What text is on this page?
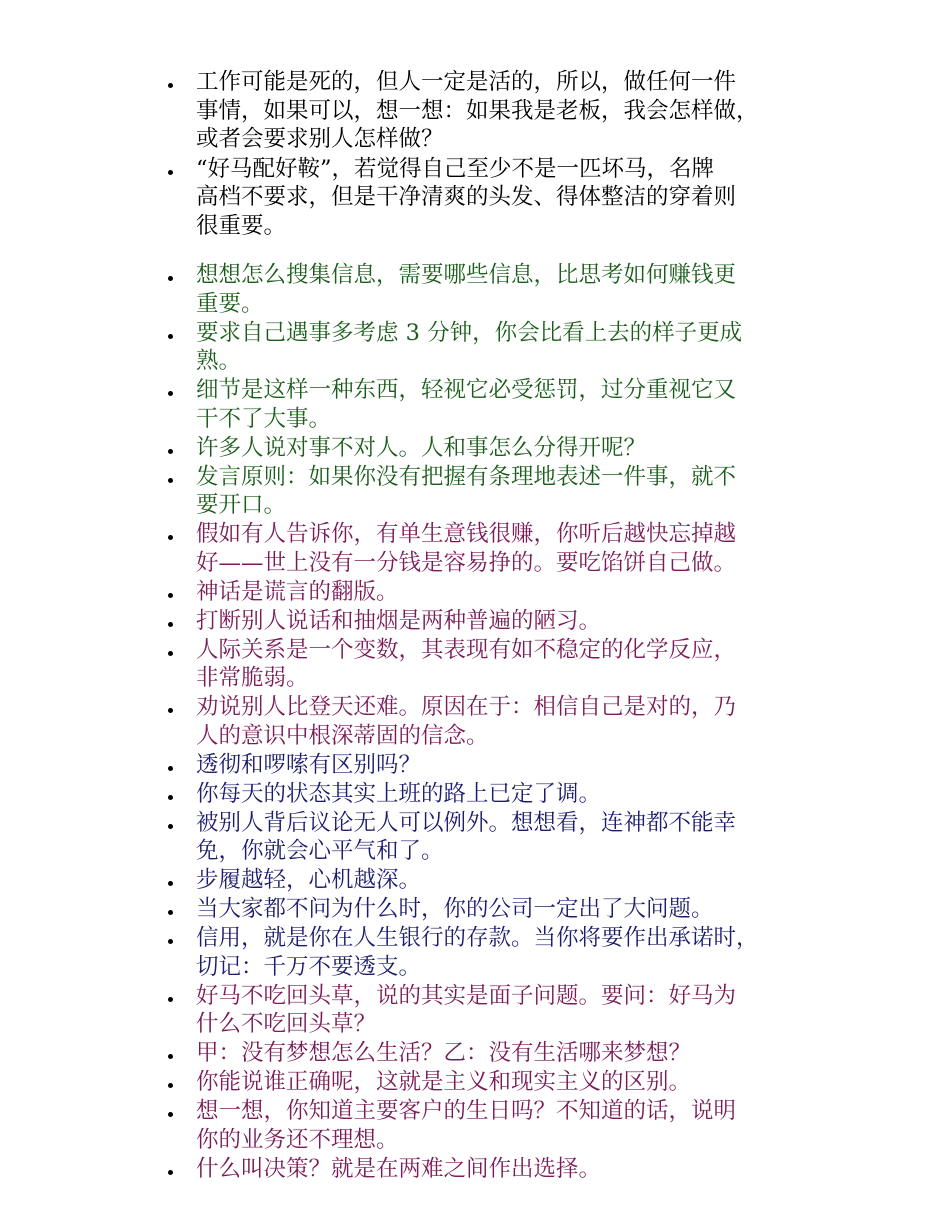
工作可能是死的，但人一定是活的，所以，做任何一件
事情，如果可以，想一想：如果我是老板，我会怎样做，
或者会要求别人怎样做？
“好马配好鞍”，若觉得自己至少不是一匹坏马，名牌
高档不要求，但是干净清爽的头发、得体整洁的穿着则
很重要。
想想怎么搜集信息，需要哪些信息，比思考如何赚钱更
重要。
要求自己遇事多考虑 3 分钟，你会比看上去的样子更成
熟。
细节是这样一种东西，轻视它必受惩罚，过分重视它又
干不了大事。
许多人说对事不对人。人和事怎么分得开呢？
发言原则：如果你没有把握有条理地表述一件事，就不
要开口。
假如有人告诉你，有单生意钱很赚，你听后越快忘掉越
好——世上没有一分钱是容易挣的。要吃馅饼自己做。
神话是谎言的翻版。
打断别人说话和抽烟是两种普遍的陋习。
人际关系是一个变数，其表现有如不稳定的化学反应，
非常脆弱。
劝说别人比登天还难。原因在于：相信自己是对的，乃
人的意识中根深蒂固的信念。
透彻和啰嗦有区别吗？
你每天的状态其实上班的路上已定了调。
被别人背后议论无人可以例外。想想看，连神都不能幸
免，你就会心平气和了。
步履越轻，心机越深。
当大家都不问为什么时，你的公司一定出了大问题。
信用，就是你在人生银行的存款。当你将要作出承诺时，
切记：千万不要透支。
好马不吃回头草，说的其实是面子问题。要问：好马为
什么不吃回头草？
甲：没有梦想怎么生活？乙：没有生活哪来梦想？
你能说谁正确呢，这就是主义和现实主义的区别。
想一想，你知道主要客户的生日吗？不知道的话，说明
你的业务还不理想。
什么叫决策？就是在两难之间作出选择。
